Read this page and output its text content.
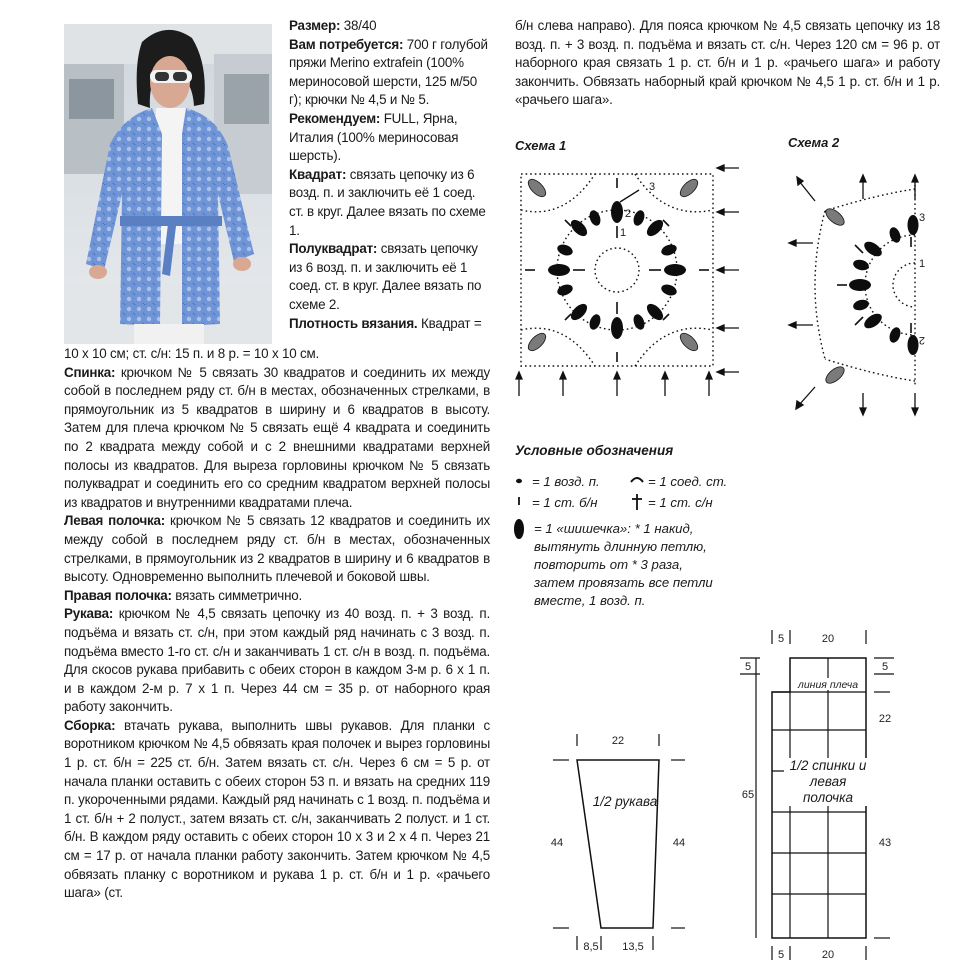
Размер: 38/40

Вам потребуется: 700 г голубой пряжи Merino extrafein (100% мериносовой шерсти, 125 м/50 г); крючки № 4,5 и № 5.

Рекомендуем: FULL, Ярна, Италия (100% мериносовая шерсть).

Квадрат: связать цепочку из 6 возд. п. и заключить её 1 соед. ст. в круг. Далее вязать по схеме 1.

Полуквадрат: связать цепочку из 6 возд. п. и заключить её 1 соед. ст. в круг. Далее вязать по схеме 2.

Плотность вязания. Квадрат =

10 х 10 см; ст. с/н: 15 п. и 8 р. = 10 х 10 см.

Спинка: крючком № 5 связать 30 квадратов и соединить их между собой в последнем ряду ст. б/н в местах, обозначенных стрелками, в прямоугольник из 5 квадратов в ширину и 6 квадратов в высоту. Затем для плеча крючком № 5 связать ещё 4 квадрата и соединить по 2 квадрата между собой и с 2 внешними квадратами верхней полосы из квадратов. Для выреза горловины крючком № 5 связать полуквадрат и соединить его со средним квадратом верхней полосы из квадратов и внутренними квадратами плеча.

Левая полочка: крючком № 5 связать 12 квадратов и соединить их между собой в последнем ряду ст. б/н в местах, обозначенных стрелками, в прямоугольник из 2 квадратов в ширину и 6 квадратов в высоту. Одновременно выполнить плечевой и боковой швы.

Правая полочка: вязать симметрично.

Рукава: крючком № 4,5 связать цепочку из 40 возд. п. + 3 возд. п. подъёма и вязать ст. с/н, при этом каждый ряд начинать с 3 возд. п. подъёма вместо 1-го ст. с/н и заканчивать 1 ст. с/н в возд. п. подъёма. Для скосов рукава прибавить с обеих сторон в каждом 3-м р. 6 х 1 п. и в каждом 2-м р. 7 х 1 п. Через 44 см = 35 р. от наборного края работу закончить.

Сборка: втачать рукава, выполнить швы рукавов. Для планки с воротником крючком № 4,5 обвязать края полочек и вырез горловины 1 р. ст. б/н = 225 ст. б/н. Затем вязать ст. с/н. Через 6 см = 5 р. от начала планки оставить с обеих сторон 53 п. и вязать на средних 119 п. укороченными рядами. Каждый ряд начинать с 1 возд. п. подъёма и 1 ст. б/н + 2 полуст., затем вязать ст. с/н, заканчивать 2 полуст. и 1 ст. б/н. В каждом ряду оставить с обеих сторон 10 х 3 и 2 х 4 п. Через 21 см = 17 р. от начала планки работу закончить. Затем крючком № 4,5 обвязать планку с воротником и рукава 1 р. ст. б/н и 1 р. «рачьего шага» (ст.

б/н слева направо). Для пояса крючком № 4,5 связать цепочку из 18 возд. п. + 3 возд. п. подъёма и вязать ст. с/н. Через 120 см = 96 р. от наборного края связать 1 р. ст. б/н и 1 р. «рачьего шага» и работу закончить. Обвязать наборный край крючком № 4,5 1 р. ст. б/н и 1 р. «рачьего шага».
Схема 1
3
2
1
Схема 2
3
1
2
Условные обозначения
= 1 возд. п.	= 1 соед. ст.
= 1 ст. б/н	= 1 ст. с/н
= 1 «шишечка»: * 1 накид, вытянуть длинную петлю, повторить от * 3 раза, затем провязать все петли вместе, 1 возд. п.
22
44	44
8,5 13,5
1/2 рукава
5	20
5	5
22
65
43
5	20
линия плеча
1/2 спинки и левая полочка
